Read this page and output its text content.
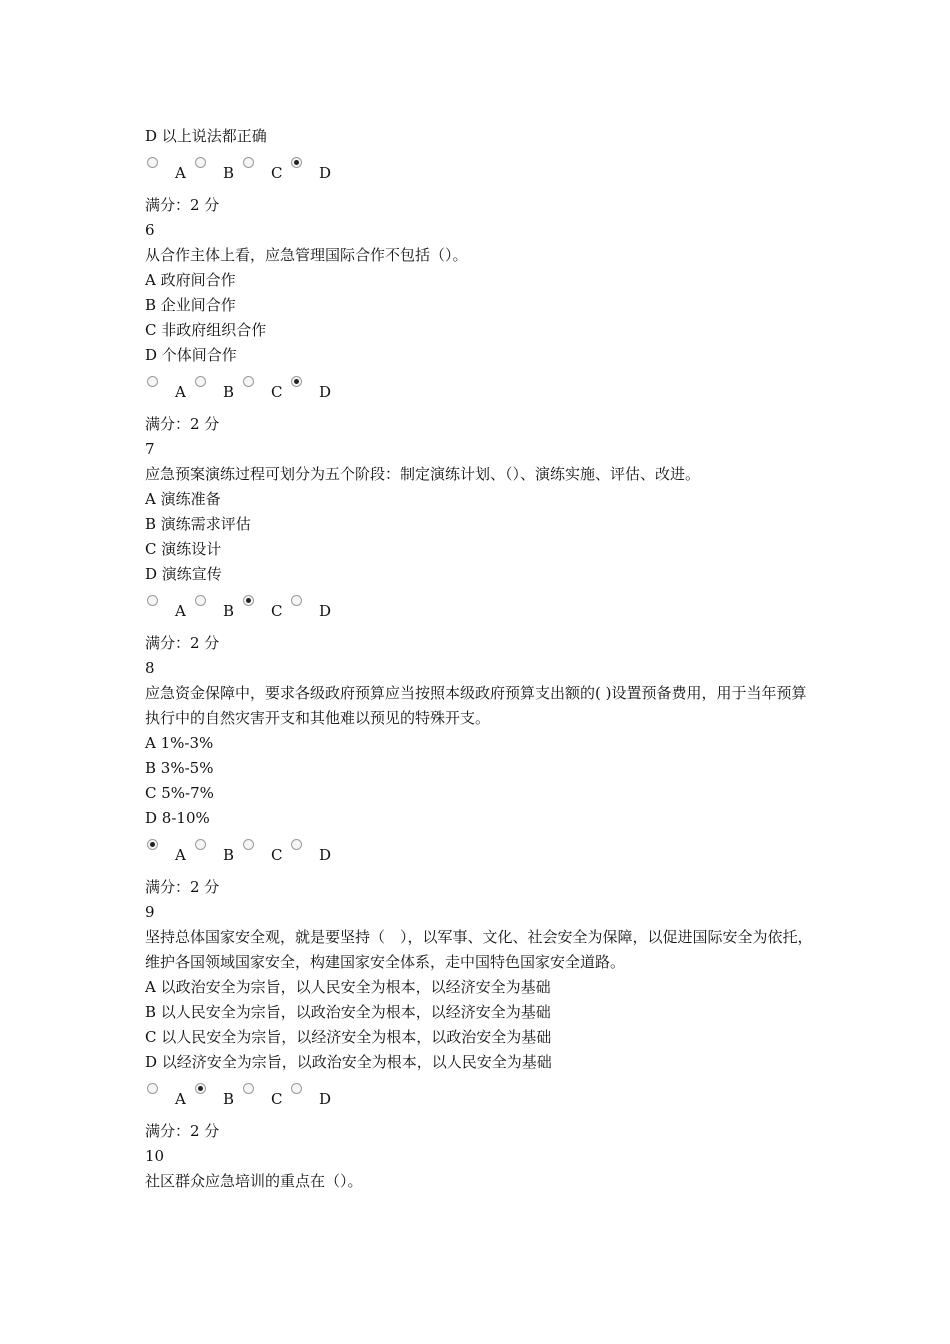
D 以上说法都正确
A B C D
满分：2 分
6
从合作主体上看，应急管理国际合作不包括（）。
A 政府间合作
B 企业间合作
C 非政府组织合作
D 个体间合作
A B C D
满分：2 分
7
应急预案演练过程可划分为五个阶段：制定演练计划、（）、演练实施、评估、改进。
A 演练准备
B 演练需求评估
C 演练设计
D 演练宣传
A B C D
满分：2 分
8
应急资金保障中，要求各级政府预算应当按照本级政府预算支出额的( )设置预备费用，用于当年预算执行中的自然灾害开支和其他难以预见的特殊开支。
A 1%-3%
B 3%-5%
C 5%-7%
D 8-10%
A B C D
满分：2 分
9
坚持总体国家安全观，就是要坚持（　），以军事、文化、社会安全为保障，以促进国际安全为依托，维护各国领域国家安全，构建国家安全体系，走中国特色国家安全道路。
A 以政治安全为宗旨，以人民安全为根本，以经济安全为基础
B 以人民安全为宗旨，以政治安全为根本，以经济安全为基础
C 以人民安全为宗旨，以经济安全为根本，以政治安全为基础
D 以经济安全为宗旨，以政治安全为根本，以人民安全为基础
A B C D
满分：2 分
10
社区群众应急培训的重点在（）。
